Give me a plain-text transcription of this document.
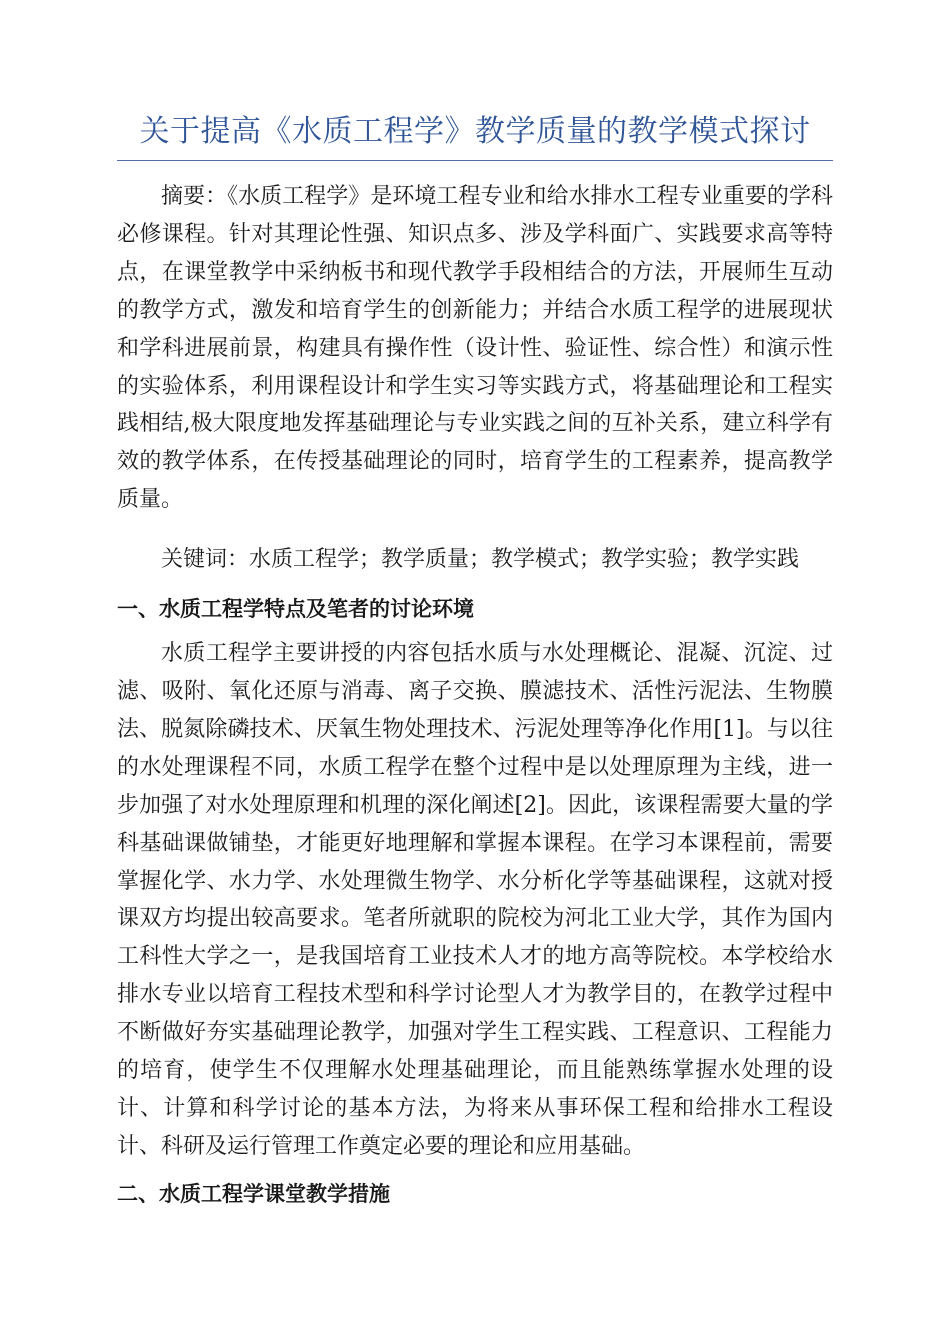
关于提高《水质工程学》教学质量的教学模式探讨

摘要：《水质工程学》是环境工程专业和给水排水工程专业重要的学科必修课程。针对其理论性强、知识点多、涉及学科面广、实践要求高等特点，在课堂教学中采纳板书和现代教学手段相结合的方法，开展师生互动的教学方式，激发和培育学生的创新能力；并结合水质工程学的进展现状和学科进展前景，构建具有操作性（设计性、验证性、综合性）和演示性的实验体系，利用课程设计和学生实习等实践方式，将基础理论和工程实践相结,极大限度地发挥基础理论与专业实践之间的互补关系，建立科学有效的教学体系，在传授基础理论的同时，培育学生的工程素养，提高教学质量。

关键词：水质工程学；教学质量；教学模式；教学实验；教学实践

一、水质工程学特点及笔者的讨论环境

水质工程学主要讲授的内容包括水质与水处理概论、混凝、沉淀、过滤、吸附、氧化还原与消毒、离子交换、膜滤技术、活性污泥法、生物膜法、脱氮除磷技术、厌氧生物处理技术、污泥处理等净化作用[1]。与以往的水处理课程不同，水质工程学在整个过程中是以处理原理为主线，进一步加强了对水处理原理和机理的深化阐述[2]。因此，该课程需要大量的学科基础课做铺垫，才能更好地理解和掌握本课程。在学习本课程前，需要掌握化学、水力学、水处理微生物学、水分析化学等基础课程，这就对授课双方均提出较高要求。笔者所就职的院校为河北工业大学，其作为国内工科性大学之一，是我国培育工业技术人才的地方高等院校。本学校给水排水专业以培育工程技术型和科学讨论型人才为教学目的，在教学过程中不断做好夯实基础理论教学，加强对学生工程实践、工程意识、工程能力的培育，使学生不仅理解水处理基础理论，而且能熟练掌握水处理的设计、计算和科学讨论的基本方法，为将来从事环保工程和给排水工程设计、科研及运行管理工作奠定必要的理论和应用基础。

二、水质工程学课堂教学措施
